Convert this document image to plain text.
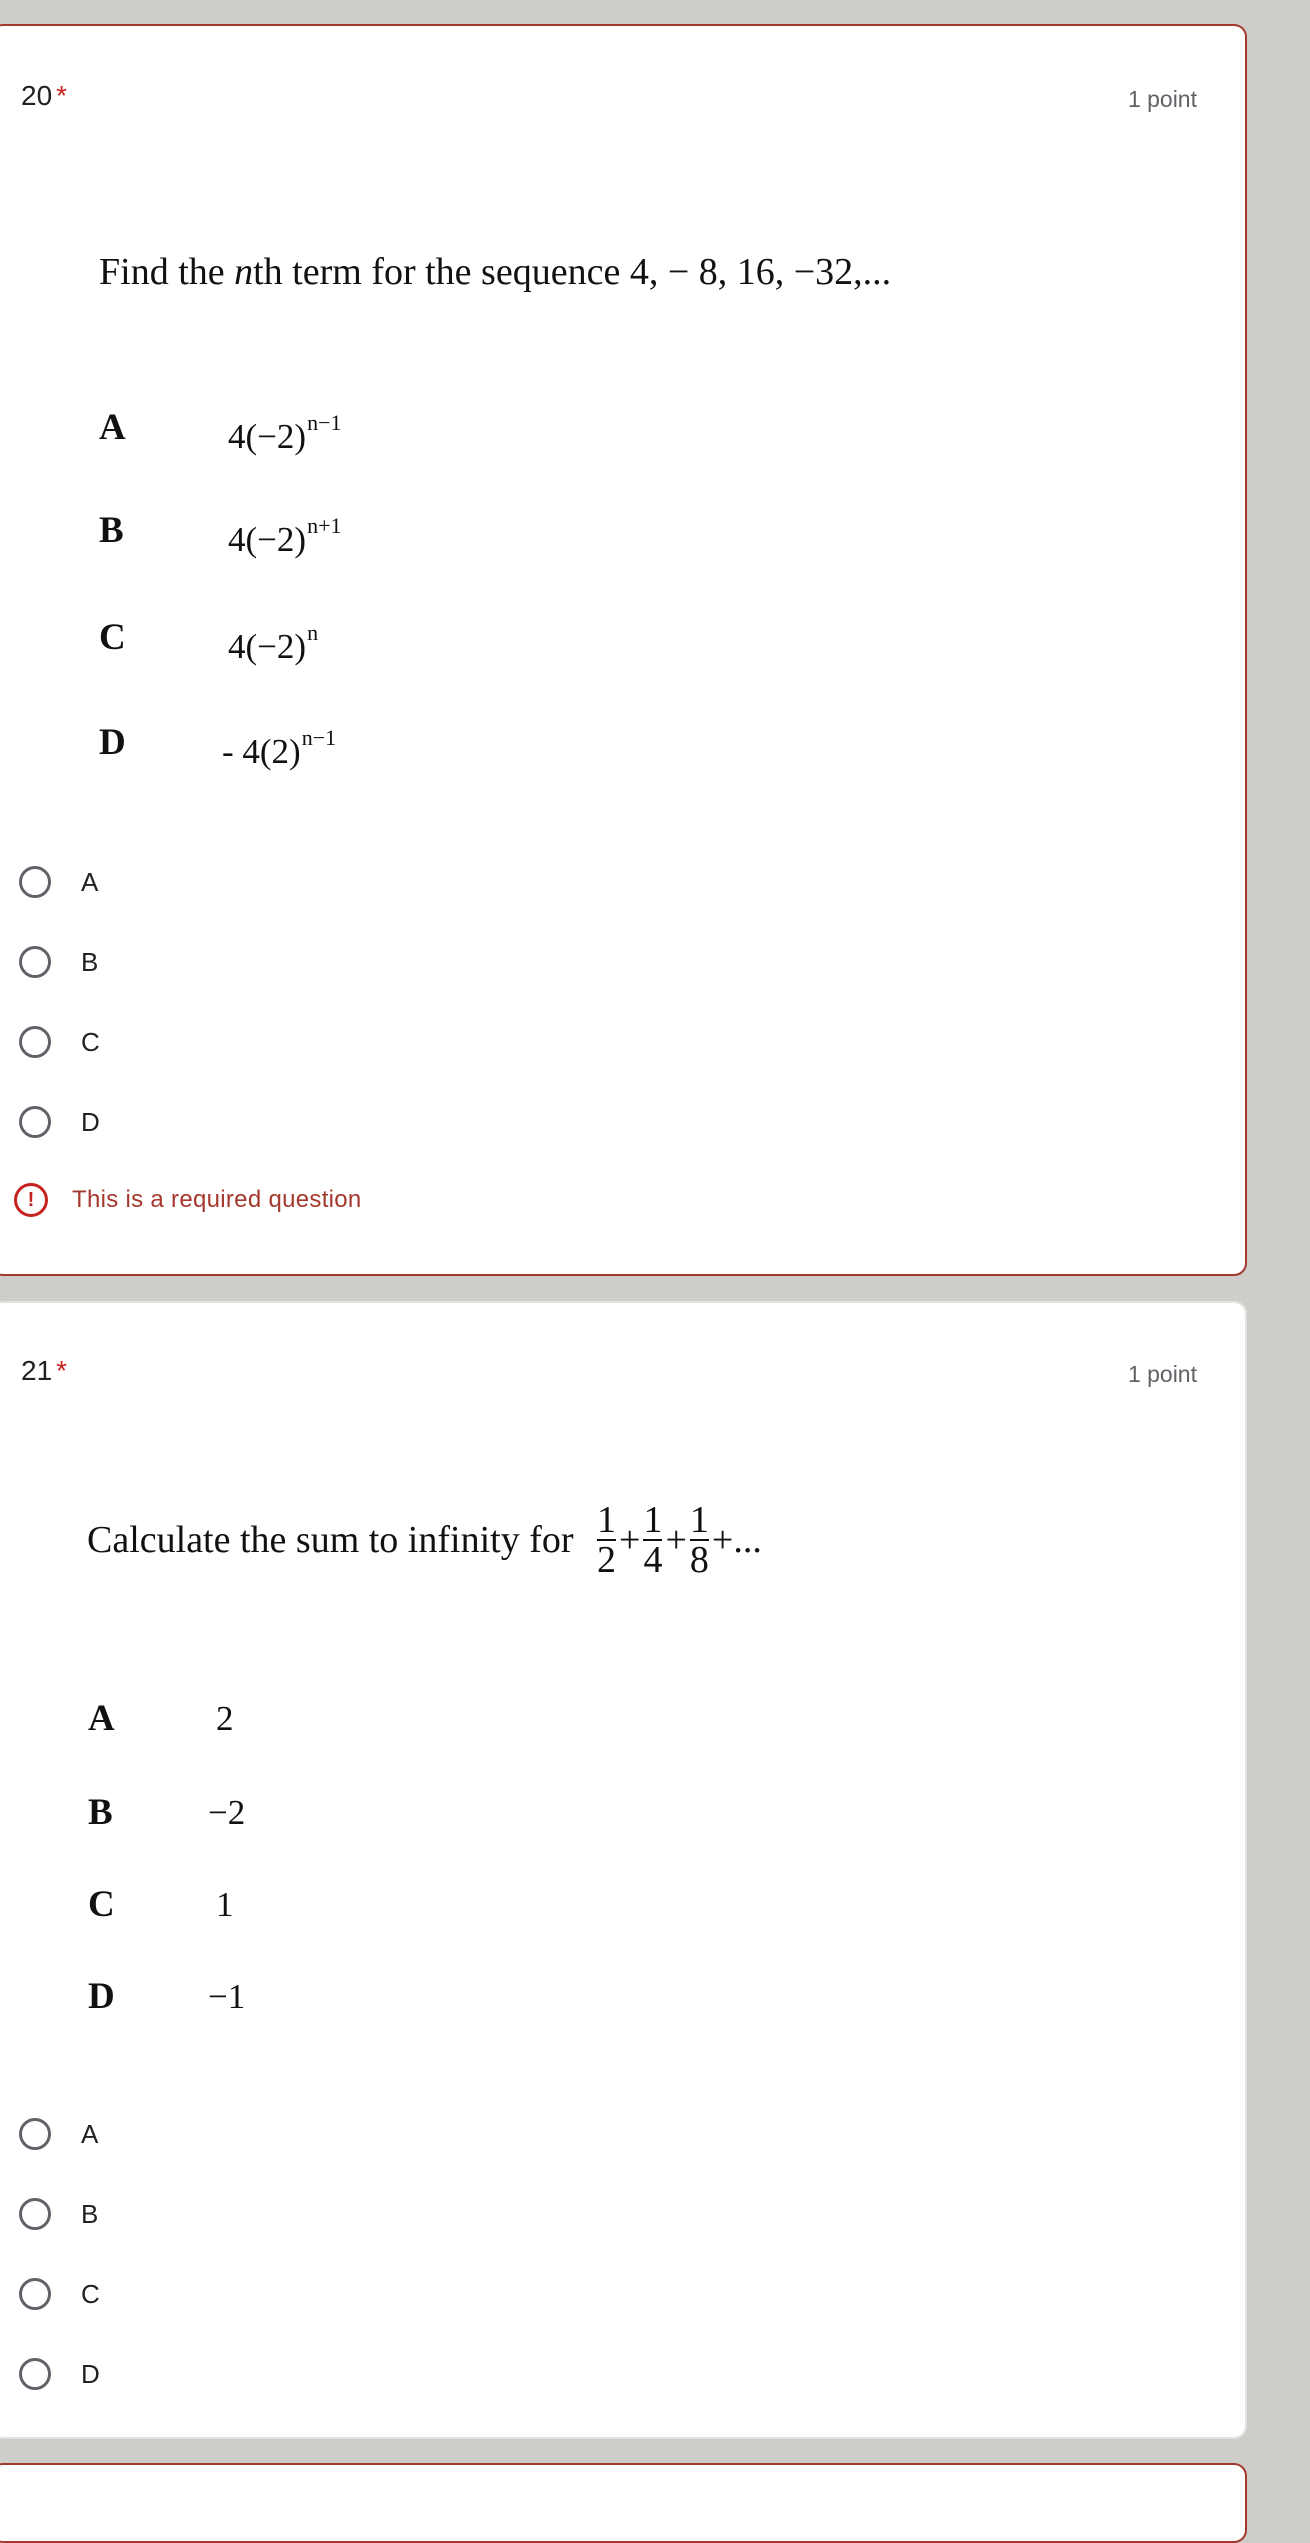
20 *	1 point
Find the nth term for the sequence 4, − 8, 16, −32,...
A	$4(-2)^{n-1}$
B	$4(-2)^{n+1}$
C	$4(-2)^n$
D	- $4(2)^{n-1}$
A
B
C
D
!	This is a required question
21 *	1 point
Calculate the sum to infinity for $\frac{1}{2} + \frac{1}{4} + \frac{1}{8}$ +...
A	2
B	−2
C	1
D	−1
A
B
C
D
